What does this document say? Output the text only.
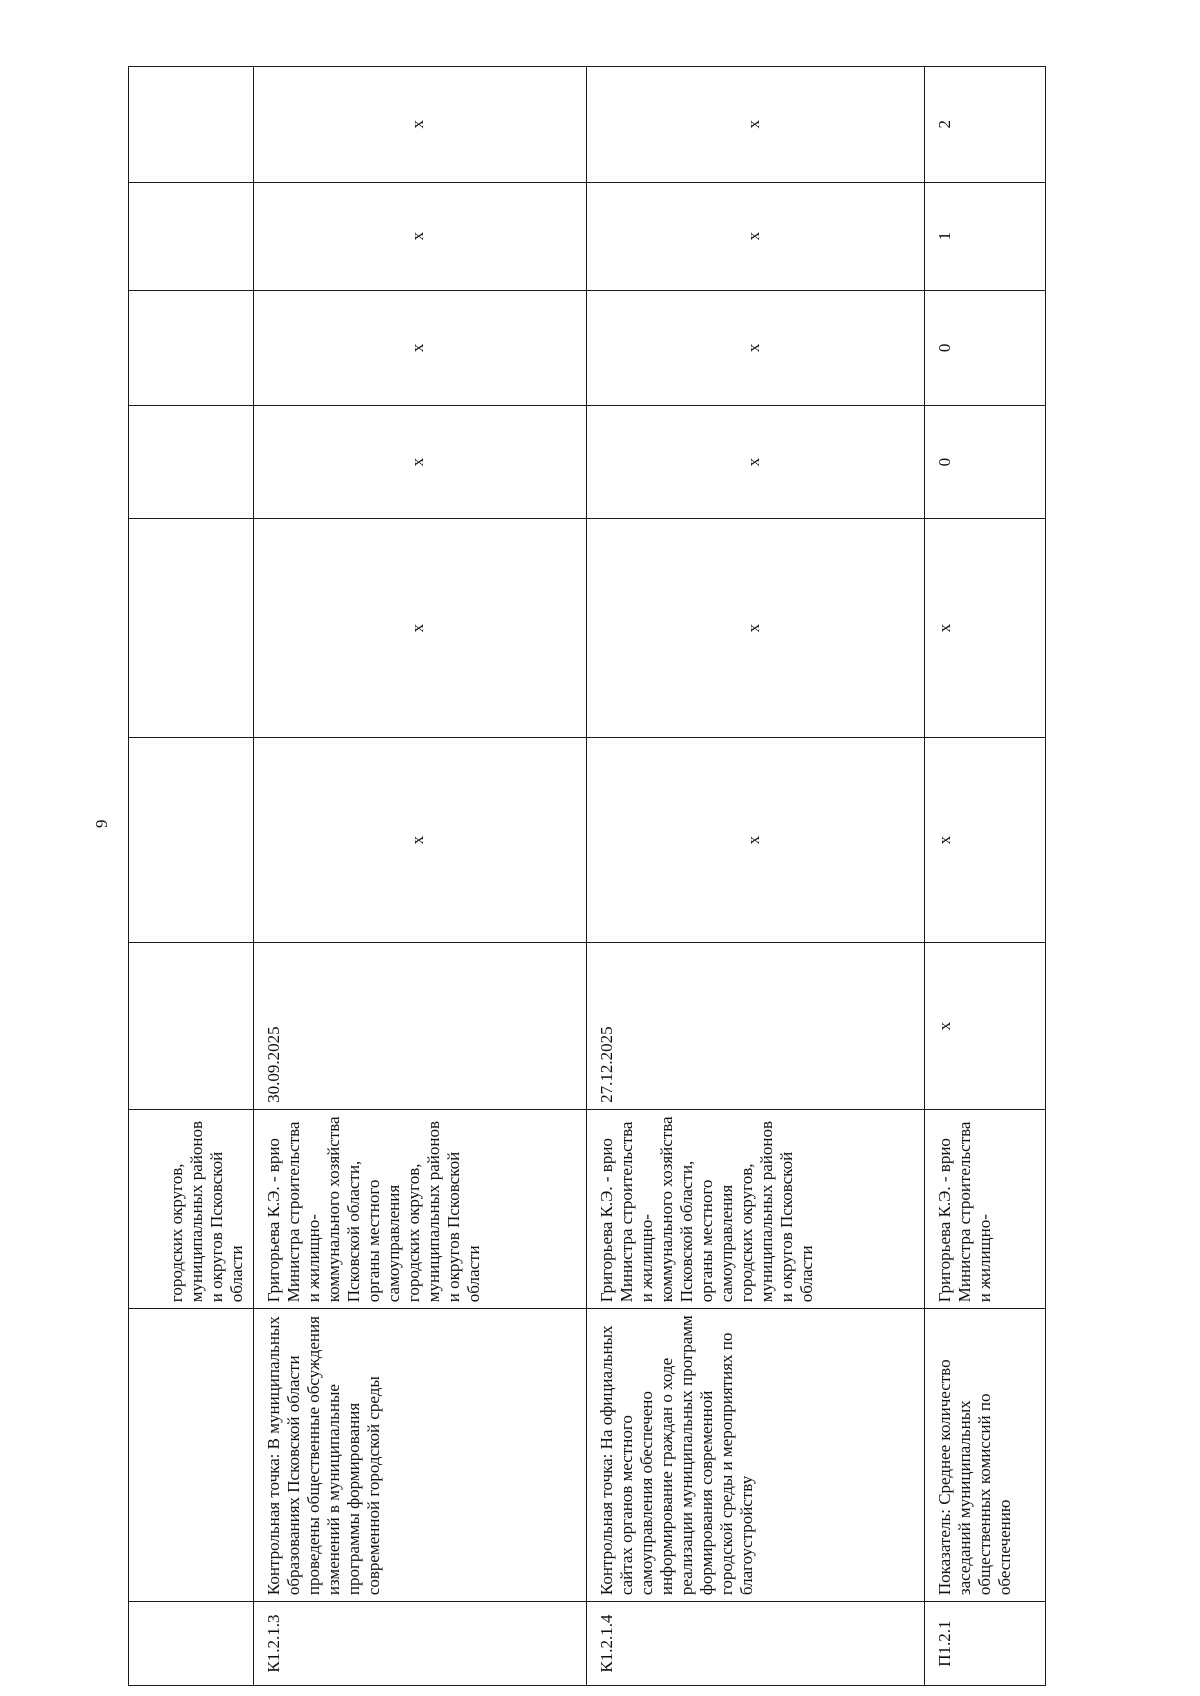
9
		городских округов, муниципальных районов и округов Псковской области							
К1.2.1.3	Контрольная точка: В муниципальных образованиях Псковской области проведены общественные обсуждения изменений в муниципальные программы формирования современной городской среды	Григорьева К.Э. - врио Министра строительства и жилищно-коммунального хозяйства Псковской области, органы местного самоуправления городских округов, муниципальных районов и округов Псковской области	30.09.2025	х	х	х	х	х	х
К1.2.1.4	Контрольная точка: На официальных сайтах органов местного самоуправления обеспечено информирование граждан о ходе реализации муниципальных программ формирования современной городской среды и мероприятиях по благоустройству	Григорьева К.Э. - врио Министра строительства и жилищно-коммунального хозяйства Псковской области, органы местного самоуправления городских округов, муниципальных районов и округов Псковской области	27.12.2025	х	х	х	х	х	х
П1.2.1	Показатель: Среднее количество заседаний муниципальных общественных комиссий по обеспечению	Григорьева К.Э. - врио Министра строительства и жилищно-	х	х	х	0	0	1	2
